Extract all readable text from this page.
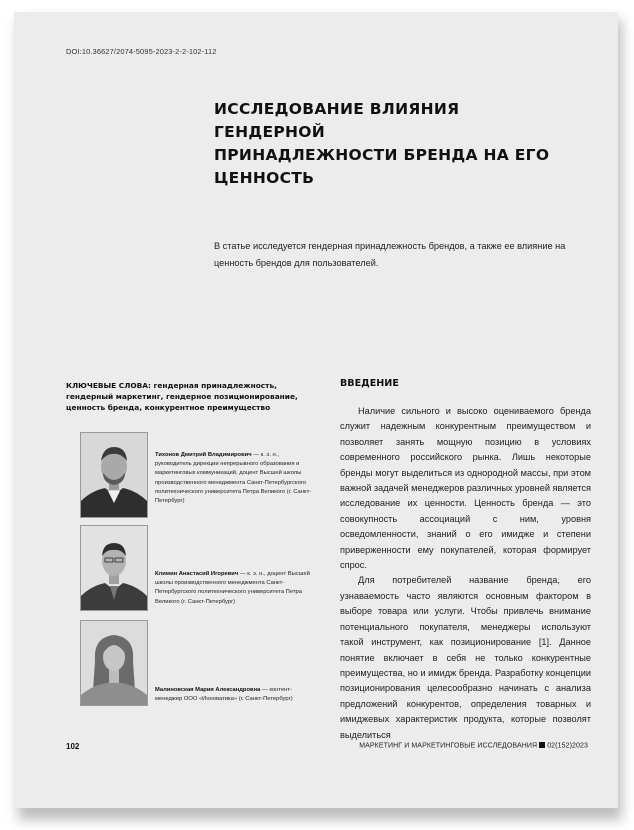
DOI:10.36627/2074-5095-2023-2-2-102-112
ИССЛЕДОВАНИЕ ВЛИЯНИЯ ГЕНДЕРНОЙ
ПРИНАДЛЕЖНОСТИ БРЕНДА НА ЕГО
ЦЕННОСТЬ

В статье исследуется гендерная принадлежность брендов, а также ее влияние на ценность брендов для пользователей.

КЛЮЧЕВЫЕ СЛОВА: гендерная принадлежность, гендерный маркетинг, гендерное позиционирование, ценность бренда, конкурентное преимущество

Тихонов Дмитрий Владимирович — к. э. н., руководитель дирекции непрерывного образования и маркетинговых коммуникаций, доцент Высшей школы производственного менеджмента Санкт-Петербургского политехнического университета Петра Великого (г. Санкт-Петербург)

Климин Анастасий Игоревич — к. э. н., доцент Высшей школы производственного менеджмента Санкт-Петербургского политехнического университета Петра Великого (г. Санкт-Петербург)

Малиновская Мария Александровна — контент-менеджер ООО «Инноватика» (г. Санкт-Петербург)

ВВЕДЕНИЕ

Наличие сильного и высоко оцениваемого бренда служит надежным конкурентным преимуществом и позволяет занять мощную позицию в условиях современного российского рынка. Лишь некоторые бренды могут выделиться из однородной массы, при этом важной задачей менеджеров различных уровней является исследование их ценности. Ценность бренда — это совокупность ассоциаций с ним, уровня осведомленности, знаний о его имидже и степени приверженности ему покупателей, которая формирует спрос.

Для потребителей название бренда, его узнаваемость часто являются основным фактором в выборе товара или услуги. Чтобы привлечь внимание потенциального покупателя, менеджеры используют такой инструмент, как позиционирование [1]. Данное понятие включает в себя не только конкурентные преимущества, но и имидж бренда. Разработку концепции позиционирования целесообразно начинать с анализа предложений конкурентов, определения товарных и имиджевых характеристик продукта, которые позволят выделиться

102	МАРКЕТИНГ И МАРКЕТИНГОВЫЕ ИССЛЕДОВАНИЯ 02(152)2023
